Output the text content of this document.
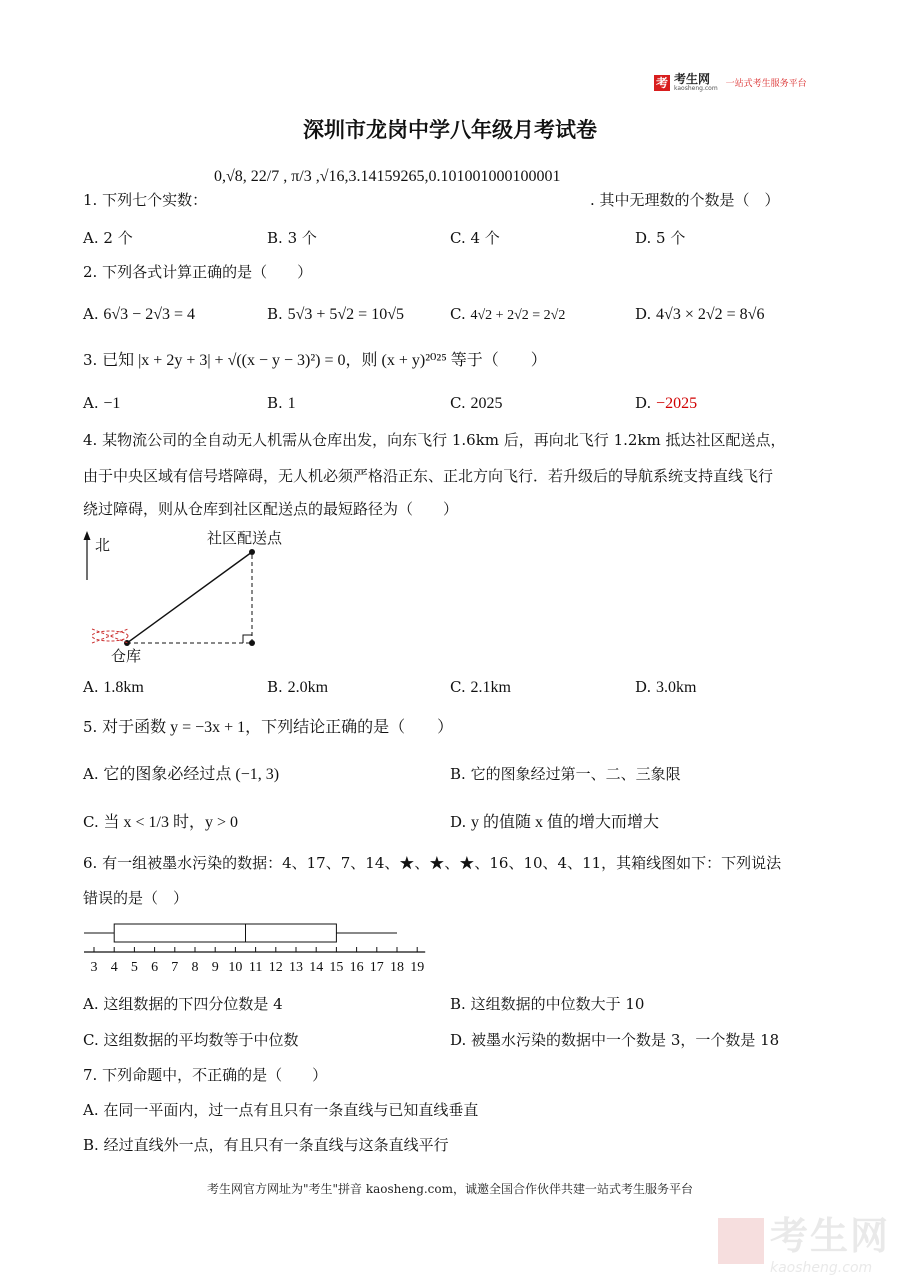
考 考生网
kaosheng.com 一站式考生服务平台
深圳市龙岗中学八年级月考试卷
1. 下列七个实数：
0,√8, 22/7 , π/3 ,√16,3.14159265,0.101001000100001
. 其中无理数的个数是（　）
A. 2 个	B. 3 个	C. 4 个	D. 5 个
2. 下列各式计算正确的是（　　）
A. 6√3 − 2√3 = 4	B. 5√3 + 5√2 = 10√5	C. 4√2 + 2√2 = 2√2	D. 4√3 × 2√2 = 8√6
3. 已知 |x + 2y + 3| + √((x − y − 3)²) = 0，则 (x + y)²⁰²⁵ 等于（　　）
A. −1	B. 1	C. 2025	D. −2025
4. 某物流公司的全自动无人机需从仓库出发，向东飞行 1.6km 后，再向北飞行 1.2km 抵达社区配送点，
由于中央区域有信号塔障碍，无人机必须严格沿正东、正北方向飞行．若升级后的导航系统支持直线飞行
绕过障碍，则从仓库到社区配送点的最短路径为（　　）
北	社区配送点
仓库
A. 1.8km	B. 2.0km	C. 2.1km	D. 3.0km
5. 对于函数 y = −3x + 1，下列结论正确的是（　　）
A. 它的图象必经过点 (−1, 3)	B. 它的图象经过第一、二、三象限
C. 当 x < 1/3 时，y > 0	D. y 的值随 x 值的增大而增大
6. 有一组被墨水污染的数据：4、17、7、14、★、★、★、16、10、4、11，其箱线图如下：下列说法
错误的是（　）
3 4 5 6 7 8 9 10 11 12 13 14 15 16 17 18 19
A. 这组数据的下四分位数是 4	B. 这组数据的中位数大于 10
C. 这组数据的平均数等于中位数	D. 被墨水污染的数据中一个数是 3，一个数是 18
7. 下列命题中，不正确的是（　　）
A. 在同一平面内，过一点有且只有一条直线与已知直线垂直
B. 经过直线外一点，有且只有一条直线与这条直线平行
考生网官方网址为"考生"拼音 kaosheng.com，诚邀全国合作伙伴共建一站式考生服务平台
考生网
kaosheng.com
